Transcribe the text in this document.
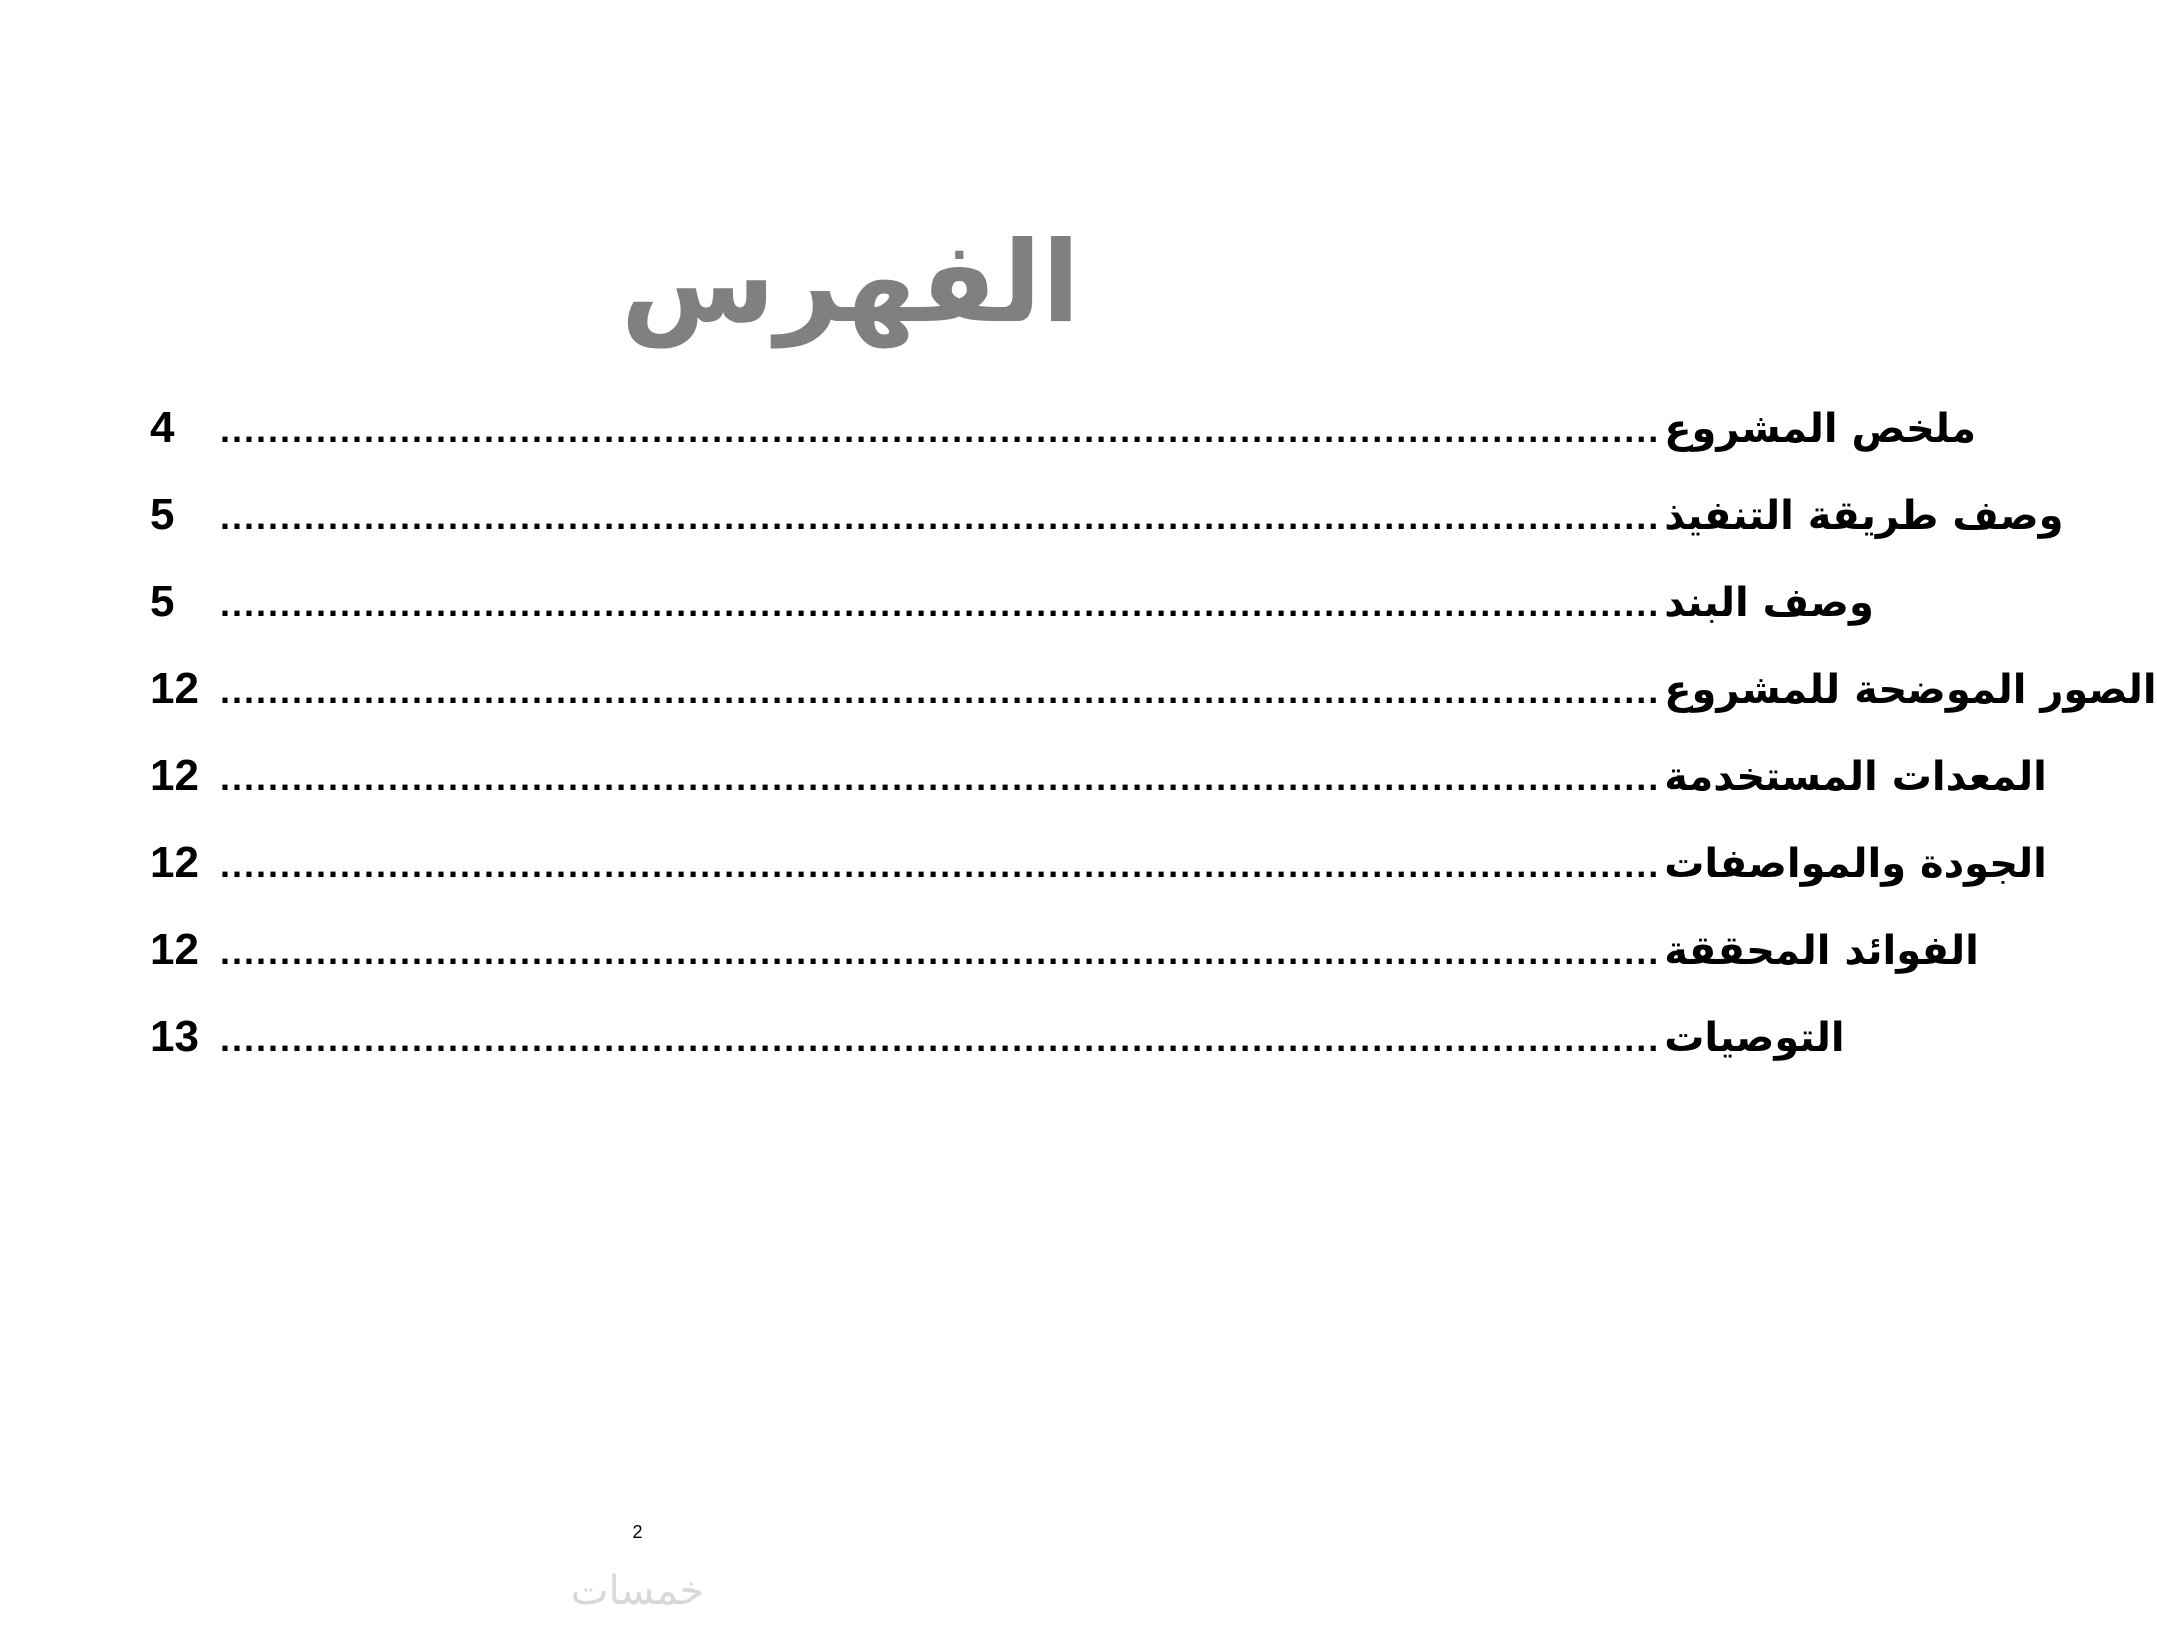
الفهرس
4	........................................................................................................................ ملخص المشروع
5	........................................................................................................................ وصف طريقة التنفيذ
5	........................................................................................................................ وصف البند
12 ........................................................................................................................ الصور الموضحة للمشروع
12 ........................................................................................................................ المعدات المستخدمة
12 ........................................................................................................................ الجودة والمواصفات
12 ........................................................................................................................ الفوائد المحققة
13 ........................................................................................................................ التوصيات
2
خمسات
